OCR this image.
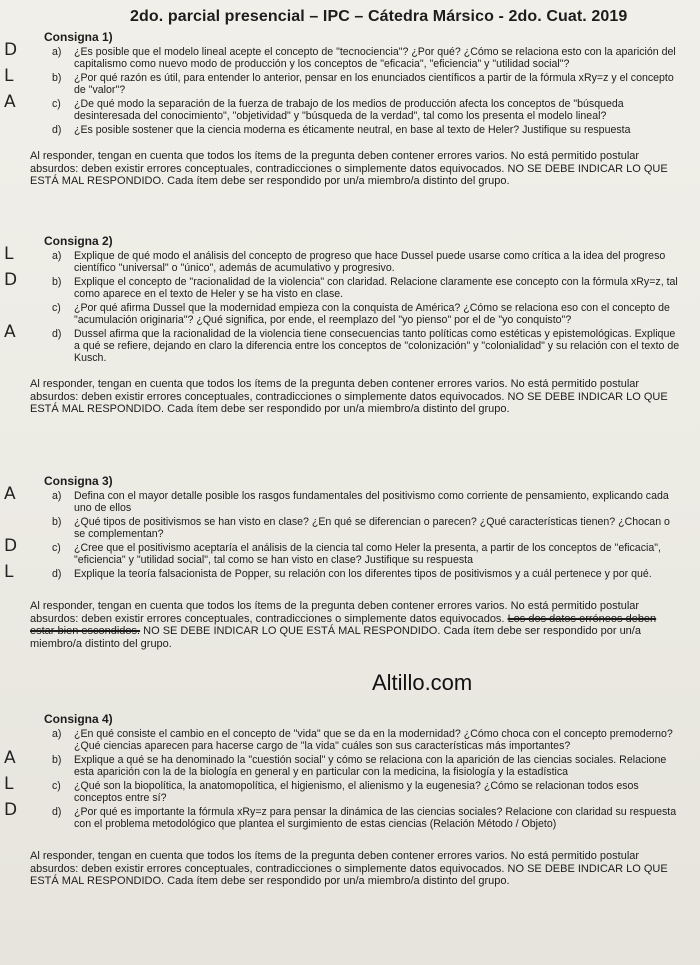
2do. parcial presencial – IPC – Cátedra Mársico - 2do. Cuat. 2019
Consigna 1)
D	a) ¿Es posible que el modelo lineal acepte el concepto de "tecnociencia"? ¿Por qué? ¿Cómo se relaciona esto con la aparición del capitalismo como nuevo modo de producción y los conceptos de "eficacia", "eficiencia" y "utilidad social"?
L	b) ¿Por qué razón es útil, para entender lo anterior, pensar en los enunciados científicos a partir de la fórmula xRy=z y el concepto de "valor"?
A	c) ¿De qué modo la separación de la fuerza de trabajo de los medios de producción afecta los conceptos de "búsqueda desinteresada del conocimiento", "objetividad" y "búsqueda de la verdad", tal como los presenta el modelo lineal?
d) ¿Es posible sostener que la ciencia moderna es éticamente neutral, en base al texto de Heler? Justifique su respuesta
Al responder, tengan en cuenta que todos los ítems de la pregunta deben contener errores varios. No está permitido postular absurdos: deben existir errores conceptuales, contradicciones o simplemente datos equivocados. NO SE DEBE INDICAR LO QUE ESTÁ MAL RESPONDIDO. Cada ítem debe ser respondido por un/a miembro/a distinto del grupo.
Consigna 2)
L	a) Explique de qué modo el análisis del concepto de progreso que hace Dussel puede usarse como crítica a la idea del progreso científico "universal" o "único", además de acumulativo y progresivo.
D	b) Explique el concepto de "racionalidad de la violencia" con claridad. Relacione claramente ese concepto con la fórmula xRy=z, tal como aparece en el texto de Heler y se ha visto en clase.
c) ¿Por qué afirma Dussel que la modernidad empieza con la conquista de América? ¿Cómo se relaciona eso con el concepto de "acumulación originaria"? ¿Qué significa, por ende, el reemplazo del "yo pienso" por el de "yo conquisto"?
A	d) Dussel afirma que la racionalidad de la violencia tiene consecuencias tanto políticas como estéticas y epistemológicas. Explique a qué se refiere, dejando en claro la diferencia entre los conceptos de "colonización" y "colonialidad" y su relación con el texto de Kusch.
Al responder, tengan en cuenta que todos los ítems de la pregunta deben contener errores varios. No está permitido postular absurdos: deben existir errores conceptuales, contradicciones o simplemente datos equivocados. NO SE DEBE INDICAR LO QUE ESTÁ MAL RESPONDIDO. Cada ítem debe ser respondido por un/a miembro/a distinto del grupo.
Consigna 3)
A	a) Defina con el mayor detalle posible los rasgos fundamentales del positivismo como corriente de pensamiento, explicando cada uno de ellos
b) ¿Qué tipos de positivismos se han visto en clase? ¿En qué se diferencian o parecen? ¿Qué características tienen? ¿Chocan o se complementan?
D	c) ¿Cree que el positivismo aceptaría el análisis de la ciencia tal como Heler la presenta, a partir de los conceptos de "eficacia", "eficiencia" y "utilidad social", tal como se han visto en clase? Justifique su respuesta
L	d) Explique la teoría falsacionista de Popper, su relación con los diferentes tipos de positivismos y a cuál pertenece y por qué.
Al responder, tengan en cuenta que todos los ítems de la pregunta deben contener errores varios. No está permitido postular absurdos: deben existir errores conceptuales, contradicciones o simplemente datos equivocados. Los dos datos erróneos deben estar bien escondidos. NO SE DEBE INDICAR LO QUE ESTÁ MAL RESPONDIDO. Cada ítem debe ser respondido por un/a miembro/a distinto del grupo.
Altillo.com
Consigna 4)
a) ¿En qué consiste el cambio en el concepto de "vida" que se da en la modernidad? ¿Cómo choca con el concepto premoderno? ¿Qué ciencias aparecen para hacerse cargo de "la vida" cuáles son sus características más importantes?
A	b) Explique a qué se ha denominado la "cuestión social" y cómo se relaciona con la aparición de las ciencias sociales. Relacione esta aparición con la de la biología en general y en particular con la medicina, la fisiología y la estadística
L	c) ¿Qué son la biopolítica, la anatomopolítica, el higienismo, el alienismo y la eugenesia? ¿Cómo se relacionan todos esos conceptos entre sí?
D	d) ¿Por qué es importante la fórmula xRy=z para pensar la dinámica de las ciencias sociales? Relacione con claridad su respuesta con el problema metodológico que plantea el surgimiento de estas ciencias (Relación Método / Objeto)
Al responder, tengan en cuenta que todos los ítems de la pregunta deben contener errores varios. No está permitido postular absurdos: deben existir errores conceptuales, contradicciones o simplemente datos equivocados. NO SE DEBE INDICAR LO QUE ESTÁ MAL RESPONDIDO. Cada ítem debe ser respondido por un/a miembro/a distinto del grupo.
